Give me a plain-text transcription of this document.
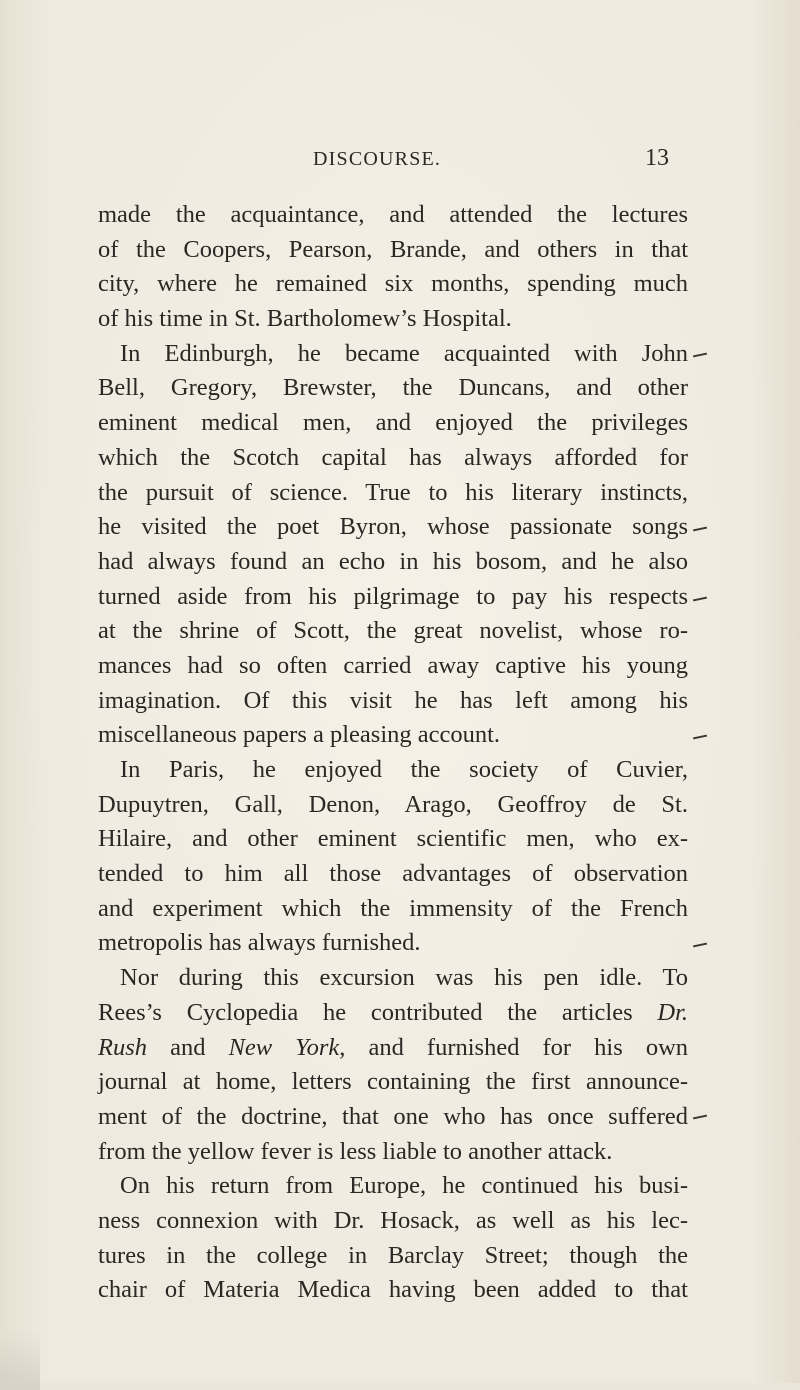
DISCOURSE.	13
made the acquaintance, and attended the lectures
of the Coopers, Pearson, Brande, and others in that
city, where he remained six months, spending much
of his time in St. Bartholomew’s Hospital.
In Edinburgh, he became acquainted with John
Bell, Gregory, Brewster, the Duncans, and other
eminent medical men, and enjoyed the privileges
which the Scotch capital has always afforded for
the pursuit of science. True to his literary instincts,
he visited the poet Byron, whose passionate songs
had always found an echo in his bosom, and he also
turned aside from his pilgrimage to pay his respects
at the shrine of Scott, the great novelist, whose ro-
mances had so often carried away captive his young
imagination. Of this visit he has left among his
miscellaneous papers a pleasing account.
In Paris, he enjoyed the society of Cuvier,
Dupuytren, Gall, Denon, Arago, Geoffroy de St.
Hilaire, and other eminent scientific men, who ex-
tended to him all those advantages of observation
and experiment which the immensity of the French
metropolis has always furnished.
Nor during this excursion was his pen idle. To
Rees’s Cyclopedia he contributed the articles Dr.
Rush and New York, and furnished for his own
journal at home, letters containing the first announce-
ment of the doctrine, that one who has once suffered
from the yellow fever is less liable to another attack.
On his return from Europe, he continued his busi-
ness connexion with Dr. Hosack, as well as his lec-
tures in the college in Barclay Street; though the
chair of Materia Medica having been added to that
